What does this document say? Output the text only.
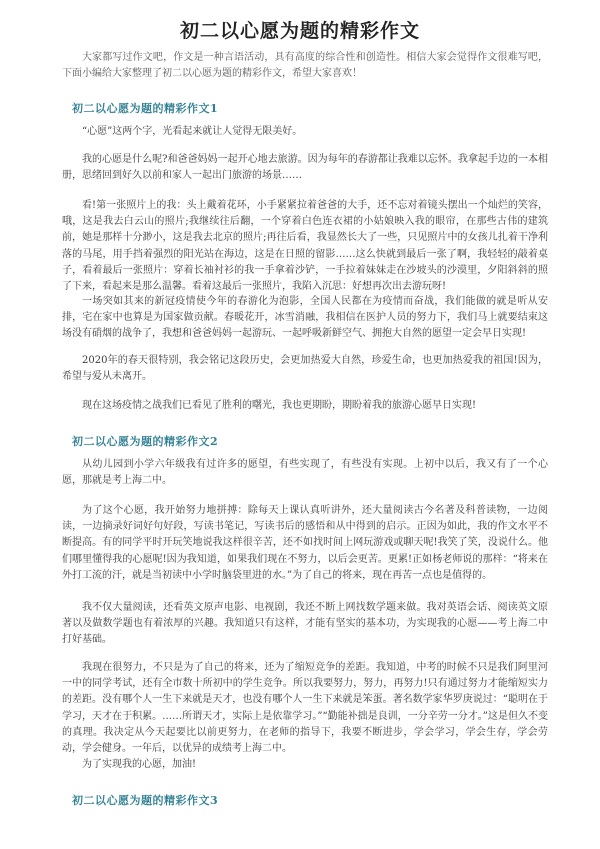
初二以心愿为题的精彩作文

大家都写过作文吧，作文是一种言语活动，具有高度的综合性和创造性。相信大家会觉得作文很难写吧，下面小编给大家整理了初二以心愿为题的精彩作文，希望大家喜欢！

初二以心愿为题的精彩作文1

“心愿”这两个字，光看起来就让人觉得无限美好。

我的心愿是什么呢?和爸爸妈妈一起开心地去旅游。因为每年的春游都让我难以忘怀。我拿起手边的一本相册，思绪回到好久以前和家人一起出门旅游的场景……

看!第一张照片上的我：头上戴着花环，小手紧紧拉着爸爸的大手，还不忘对着镜头摆出一个灿烂的笑容，哦，这是我去白云山的照片;我继续往后翻，一个穿着白色连衣裙的小姑娘映入我的眼帘，在那些古伟的建筑前，她是那样十分渺小，这是我去北京的照片;再往后看，我显然长大了一些，只见照片中的女孩儿扎着干净利落的马尾，用手挡着强烈的阳光站在海边，这是在日照的留影……这么快就到最后一张了啊，我轻轻的敲着桌子，看着最后一张照片：穿着长袖衬衫的我一手拿着沙铲，一手拉着妹妹走在沙坡头的沙漠里，夕阳斜斜的照了下来，看起来是那么温馨。看着这最后一张照片，我陷入沉思：好想再次出去游玩呀!

一场突如其来的新冠疫情使今年的春游化为泡影，全国人民都在为疫情而奋战，我们能做的就是听从安排，宅在家中也算是为国家做贡献。春暖花开，冰雪消融，我相信在医护人员的努力下，我们马上就要结束这场没有硝烟的战争了，我想和爸爸妈妈一起游玩、一起呼吸新鲜空气、拥抱大自然的愿望一定会早日实现!

2020年的春天很特别，我会铭记这段历史，会更加热爱大自然，珍爱生命，也更加热爱我的祖国!因为，希望与爱从未离开。

现在这场疫情之战我们已看见了胜利的曙光，我也更期盼，期盼着我的旅游心愿早日实现!

初二以心愿为题的精彩作文2

从幼儿园到小学六年级我有过许多的愿望，有些实现了，有些没有实现。上初中以后，我又有了一个心愿，那就是考上海二中。

为了这个心愿，我开始努力地拼搏：除每天上课认真听讲外，还大量阅读古今名著及科普读物，一边阅读，一边摘录好词好句好段，写读书笔记，写读书后的感悟和从中得到的启示。正因为如此，我的作文水平不断提高。有的同学平时开玩笑地说我这样很辛苦，还不如找时间上网玩游戏或聊天呢!我笑了笑，没说什么。他们哪里懂得我的心愿呢!因为我知道，如果我们现在不努力，以后会更苦。更累!正如杨老师说的那样：“将来在外打工流的汗，就是当初读中小学时脑袋里进的水。”为了自己的将来，现在再苦一点也是值得的。

我不仅大量阅读，还看英文原声电影、电视剧，我还不断上网找数学题来做。我对英语会话、阅读英文原著以及做数学题也有着浓厚的兴趣。我知道只有这样，才能有坚实的基本功，为实现我的心愿——考上海二中打好基础。

我现在很努力，不只是为了自己的将来，还为了缩短竞争的差距。我知道，中考的时候不只是我们阿里河一中的同学考试，还有全市数十所初中的学生竞争。所以我要努力，努力，再努力!只有通过努力才能缩短实力的差距。没有哪个人一生下来就是天才，也没有哪个人一生下来就是笨蛋。著名数学家华罗庚说过：“聪明在于学习，天才在于积累。……所谓天才，实际上是依靠学习。”“勤能补拙是良训，一分辛劳一分才。”这是但久不变的真理。我决定从今天起要比以前更努力，在老师的指导下，我要不断进步，学会学习，学会生存，学会劳动，学会健身。一年后，以优异的成绩考上海二中。

为了实现我的心愿，加油!

初二以心愿为题的精彩作文3
